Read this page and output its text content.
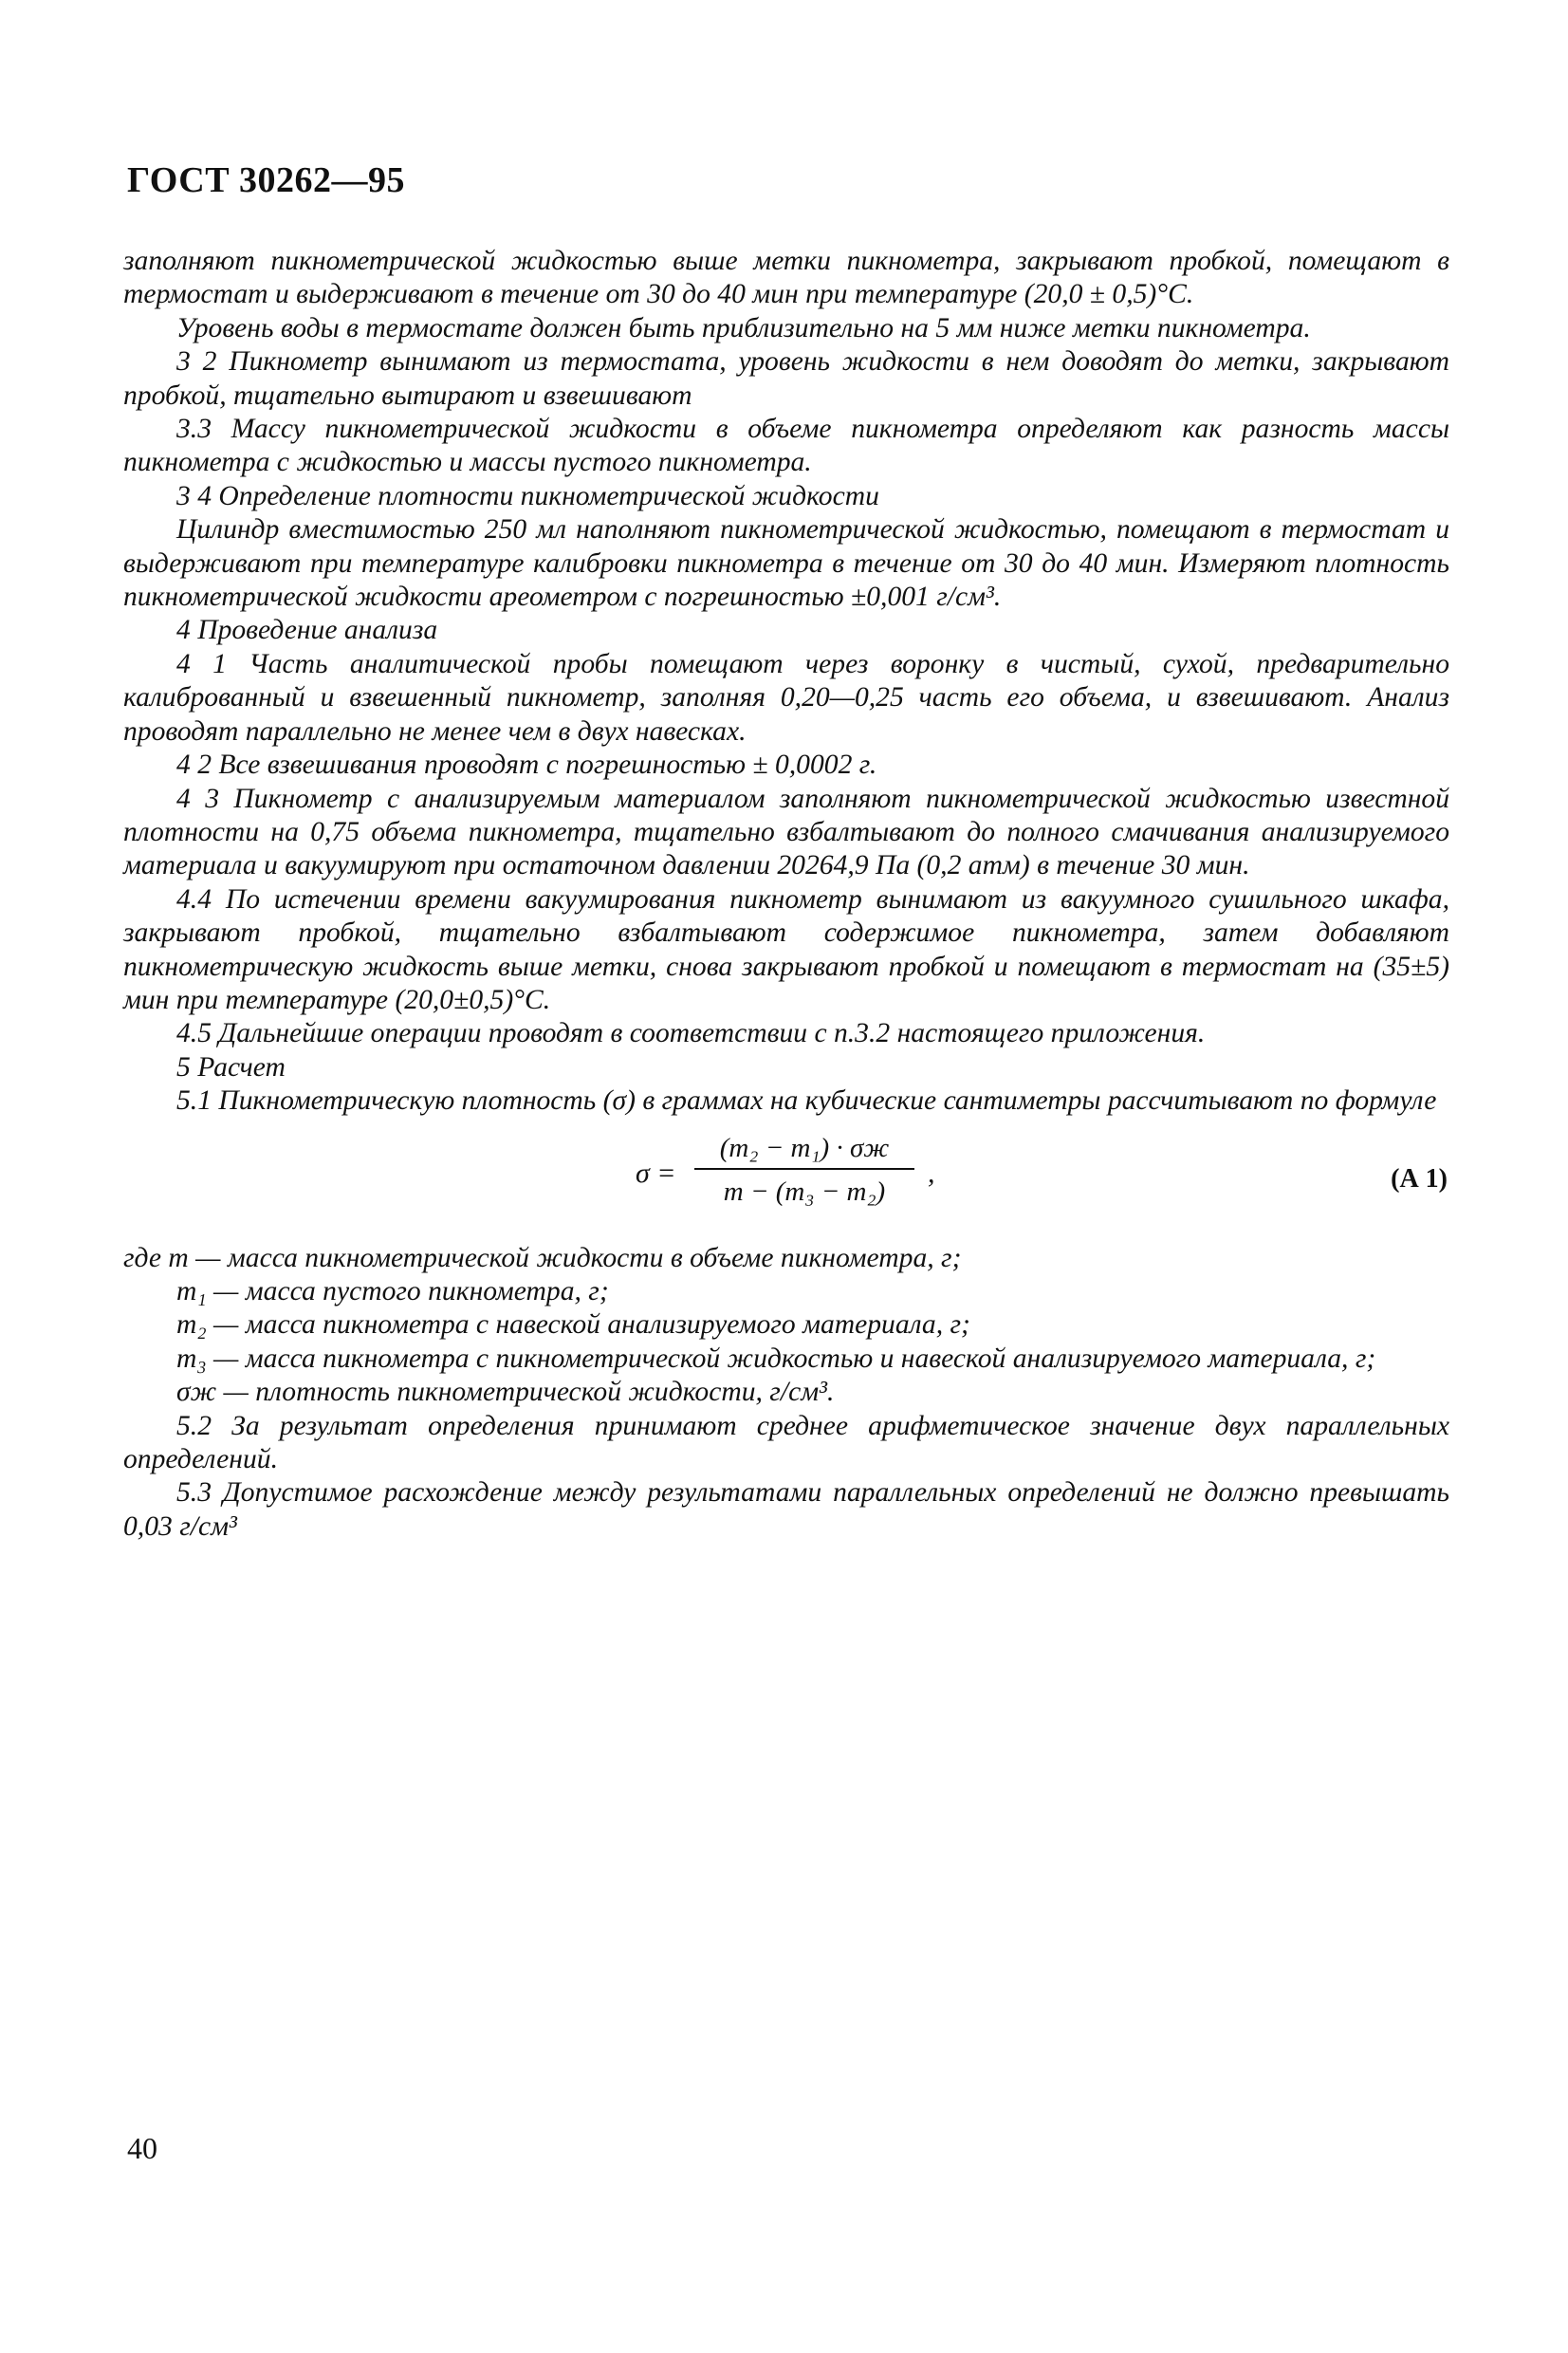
ГОСТ 30262—95

заполняют пикнометрической жидкостью выше метки пикнометра, закрывают пробкой, помещают в термостат и выдерживают в течение от 30 до 40 мин при температуре (20,0 ± 0,5)°С.

Уровень воды в термостате должен быть приблизительно на 5 мм ниже метки пикнометра.

3 2 Пикнометр вынимают из термостата, уровень жидкости в нем доводят до метки, закрывают пробкой, тщательно вытирают и взвешивают

3.3 Массу пикнометрической жидкости в объеме пикнометра определяют как разность массы пикнометра с жидкостью и массы пустого пикнометра.

3 4 Определение плотности пикнометрической жидкости

Цилиндр вместимостью 250 мл наполняют пикнометрической жидкостью, помещают в термостат и выдерживают при температуре калибровки пикнометра в течение от 30 до 40 мин. Измеряют плотность пикнометрической жидкости ареометром с погрешностью ±0,001 г/см³.

4 Проведение анализа

4 1 Часть аналитической пробы помещают через воронку в чистый, сухой, предварительно калиброванный и взвешенный пикнометр, заполняя 0,20—0,25 часть его объема, и взвешивают. Анализ проводят параллельно не менее чем в двух навесках.

4 2 Все взвешивания проводят с погрешностью ± 0,0002 г.

4 3 Пикнометр с анализируемым материалом заполняют пикнометрической жидкостью известной плотности на 0,75 объема пикнометра, тщательно взбалтывают до полного смачивания анализируемого материала и вакуумируют при остаточном давлении 20264,9 Па (0,2 атм) в течение 30 мин.

4.4 По истечении времени вакуумирования пикнометр вынимают из вакуумного сушильного шкафа, закрывают пробкой, тщательно взбалтывают содержимое пикнометра, затем добавляют пикнометрическую жидкость выше метки, снова закрывают пробкой и помещают в термостат на (35±5) мин при температуре (20,0±0,5)°С.

4.5 Дальнейшие операции проводят в соответствии с п.3.2 настоящего приложения.

5 Расчет

5.1 Пикнометрическую плотность (σ) в граммах на кубические сантиметры рассчитывают по формуле

σ =
(m₂ − m₁) · σж
m − (m₃ − m₂)
,	(А 1)

где m — масса пикнометрической жидкости в объеме пикнометра, г;

m₁ — масса пустого пикнометра, г;

m₂ — масса пикнометра с навеской анализируемого материала, г;

m₃ — масса пикнометра с пикнометрической жидкостью и навеской анализируемого материала, г;

σж — плотность пикнометрической жидкости, г/см³.

5.2 За результат определения принимают среднее арифметическое значение двух параллельных определений.

5.3 Допустимое расхождение между результатами параллельных определений не должно превышать 0,03 г/см³

40
